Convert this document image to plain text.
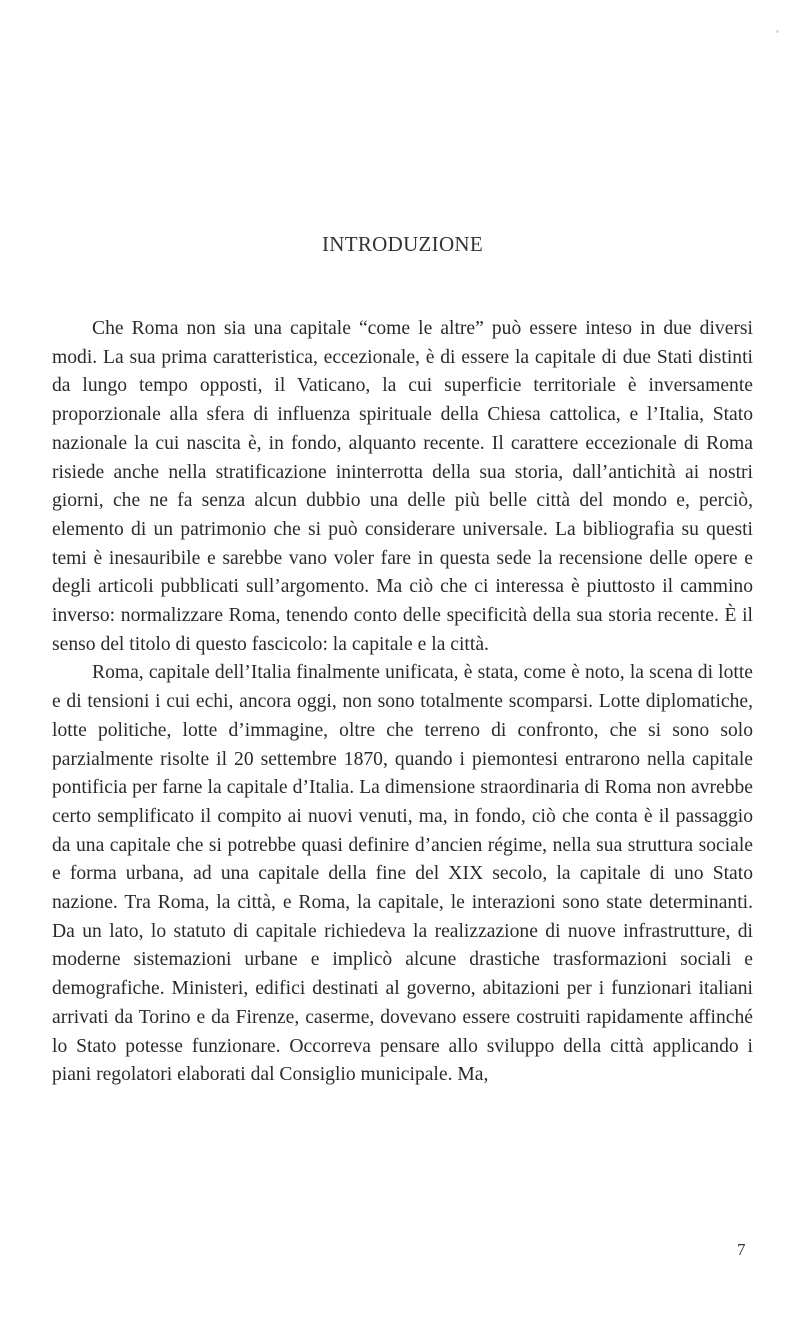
INTRODUZIONE

Che Roma non sia una capitale “come le altre” può essere inteso in due diversi modi. La sua prima caratteristica, eccezionale, è di essere la capitale di due Stati distinti da lungo tempo opposti, il Vaticano, la cui superficie territoriale è inversamente proporzionale alla sfera di influenza spirituale della Chiesa cattolica, e l’Italia, Stato nazionale la cui nascita è, in fondo, alquanto recente. Il carattere eccezionale di Roma risiede anche nella stratificazione ininterrotta della sua storia, dall’antichità ai nostri giorni, che ne fa senza alcun dubbio una delle più belle città del mondo e, perciò, elemento di un patrimonio che si può considerare universale. La bibliografia su questi temi è inesauribile e sarebbe vano voler fare in questa sede la recensione delle opere e degli articoli pubblicati sull’argomento. Ma ciò che ci interessa è piuttosto il cammino inverso: normalizzare Roma, tenendo conto delle specificità della sua storia recente. È il senso del titolo di questo fascicolo: la capitale e la città.

Roma, capitale dell’Italia finalmente unificata, è stata, come è noto, la scena di lotte e di tensioni i cui echi, ancora oggi, non sono totalmente scomparsi. Lotte diplomatiche, lotte politiche, lotte d’immagine, oltre che terreno di confronto, che si sono solo parzialmente risolte il 20 settembre 1870, quando i piemontesi entrarono nella capitale pontificia per farne la capitale d’Italia. La dimensione straordinaria di Roma non avrebbe certo semplificato il compito ai nuovi venuti, ma, in fondo, ciò che conta è il passaggio da una capitale che si potrebbe quasi definire d’ancien régime, nella sua struttura sociale e forma urbana, ad una capitale della fine del XIX secolo, la capitale di uno Stato nazione. Tra Roma, la città, e Roma, la capitale, le interazioni sono state determinanti. Da un lato, lo statuto di capitale richiedeva la realizzazione di nuove infrastrutture, di moderne sistemazioni urbane e implicò alcune drastiche trasformazioni sociali e demografiche. Ministeri, edifici destinati al governo, abitazioni per i funzionari italiani arrivati da Torino e da Firenze, caserme, dovevano essere costruiti rapidamente affinché lo Stato potesse funzionare. Occorreva pensare allo sviluppo della città applicando i piani regolatori elaborati dal Consiglio municipale. Ma,

7
